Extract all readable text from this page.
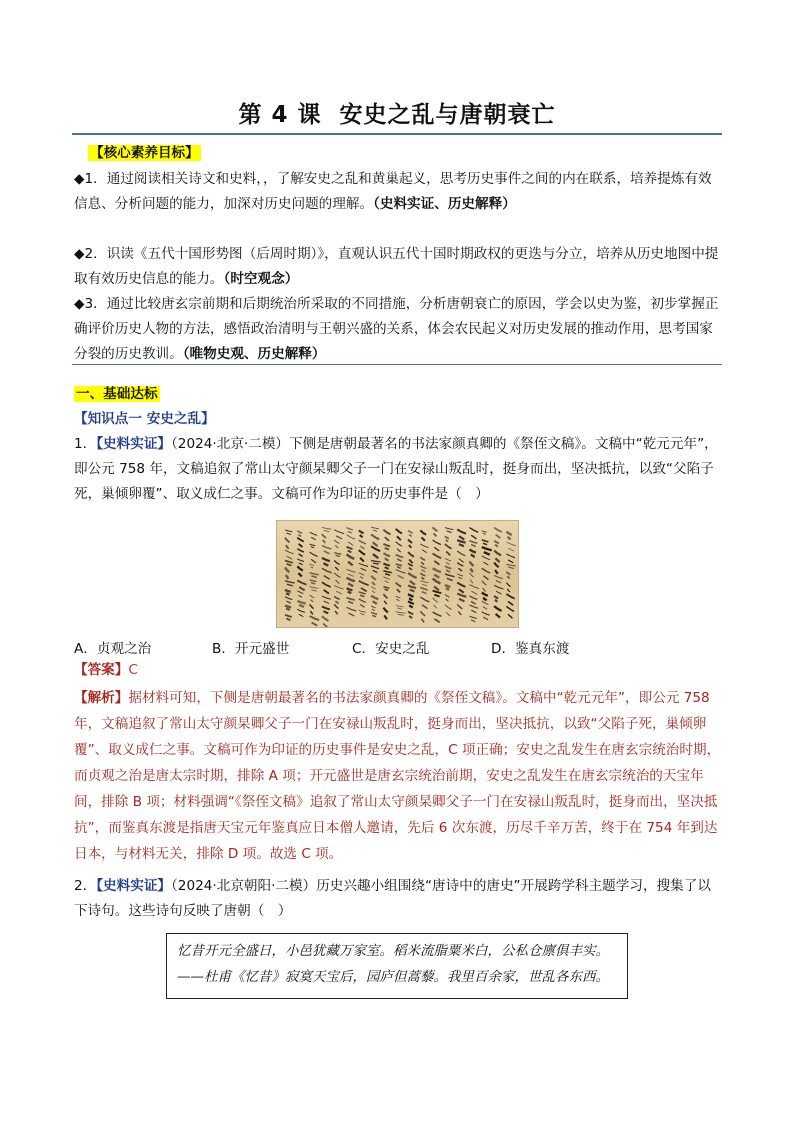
第 4 课 安史之乱与唐朝衰亡
【核心素养目标】
◆1．通过阅读相关诗文和史料，，了解安史之乱和黄巢起义，思考历史事件之间的内在联系，培养提炼有效信息、分析问题的能力，加深对历史问题的理解。（史料实证、历史解释）
◆2．识读《五代十国形势图（后周时期）》，直观认识五代十国时期政权的更迭与分立，培养从历史地图中提取有效历史信息的能力。（时空观念）
◆3．通过比较唐玄宗前期和后期统治所采取的不同措施，分析唐朝衰亡的原因，学会以史为鉴，初步掌握正确评价历史人物的方法，感悟政治清明与王朝兴盛的关系，体会农民起义对历史发展的推动作用，思考国家分裂的历史教训。（唯物史观、历史解释）
一、基础达标
【知识点一 安史之乱】
1．【史料实证】（2024·北京·二模）下侧是唐朝最著名的书法家颜真卿的《祭侄文稿》。文稿中“乾元元年”，即公元 758 年，文稿追叙了常山太守颜杲卿父子一门在安禄山叛乱时，挺身而出，坚决抵抗，以致“父陷子死，巢倾卵覆”、取义成仁之事。文稿可作为印证的历史事件是（　）
A．贞观之治	B．开元盛世	C．安史之乱	D．鉴真东渡
【答案】C
【解析】据材料可知，下侧是唐朝最著名的书法家颜真卿的《祭侄文稿》。文稿中“乾元元年”，即公元 758 年，文稿追叙了常山太守颜杲卿父子一门在安禄山叛乱时，挺身而出，坚决抵抗，以致“父陷子死，巢倾卵覆”、取义成仁之事。文稿可作为印证的历史事件是安史之乱，C 项正确；安史之乱发生在唐玄宗统治时期，而贞观之治是唐太宗时期，排除 A 项；开元盛世是唐玄宗统治前期，安史之乱发生在唐玄宗统治的天宝年间，排除 B 项；材料强调“《祭侄文稿》追叙了常山太守颜杲卿父子一门在安禄山叛乱时，挺身而出，坚决抵抗”，而鉴真东渡是指唐天宝元年鉴真应日本僧人邀请，先后 6 次东渡，历尽千辛万苦，终于在 754 年到达日本，与材料无关，排除 D 项。故选 C 项。
2．【史料实证】（2024·北京朝阳·二模）历史兴趣小组围绕“唐诗中的唐史”开展跨学科主题学习，搜集了以下诗句。这些诗句反映了唐朝（　）
忆昔开元全盛日，小邑犹藏万家室。稻米流脂粟米白，公私仓廪俱丰实。
——杜甫《忆昔》寂寞天宝后，园庐但蒿藜。我里百余家，世乱各东西。
